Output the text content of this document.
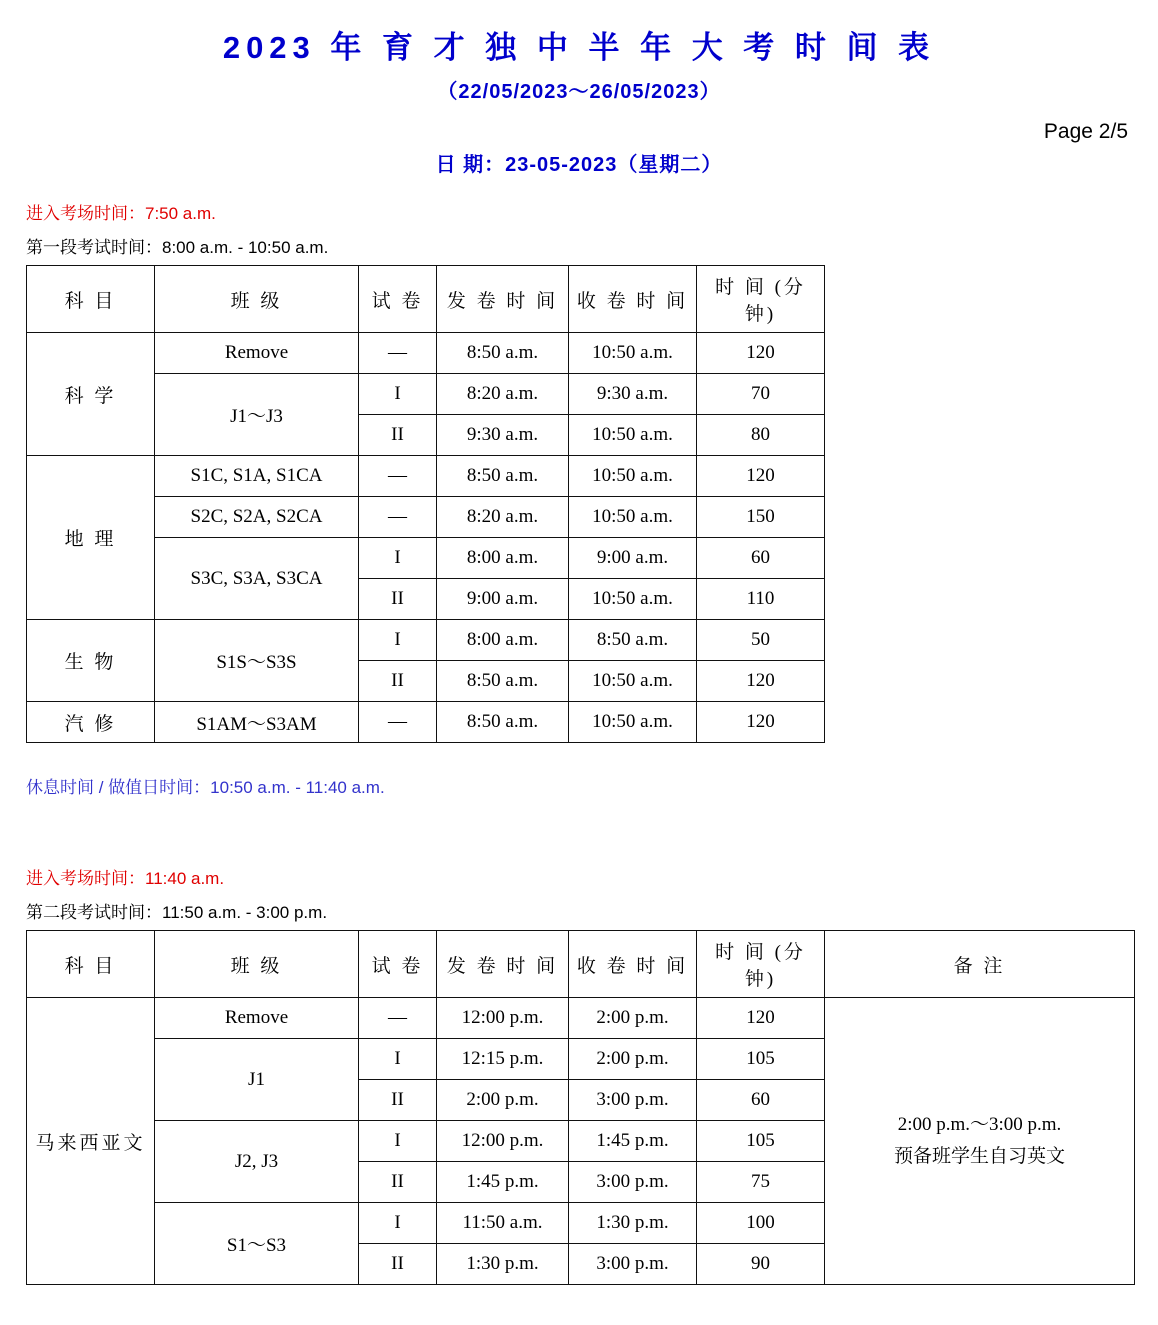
2023 年 育 才 独 中 半 年 大 考 时 间 表
（22/05/2023～26/05/2023）
Page 2/5
日 期：23-05-2023（星期二）
进入考场时间：7:50 a.m.
第一段考试时间：8:00 a.m. - 10:50 a.m.
科 目	班 级	试 卷	发 卷 时 间	收 卷 时 间	时 间 (分钟)
科 学	Remove	—	8:50 a.m.	10:50 a.m.	120
	J1～J3	I	8:20 a.m.	9:30 a.m.	70
		II	9:30 a.m.	10:50 a.m.	80
地 理	S1C, S1A, S1CA	—	8:50 a.m.	10:50 a.m.	120
	S2C, S2A, S2CA	—	8:20 a.m.	10:50 a.m.	150
	S3C, S3A, S3CA	I	8:00 a.m.	9:00 a.m.	60
		II	9:00 a.m.	10:50 a.m.	110
生 物	S1S～S3S	I	8:00 a.m.	8:50 a.m.	50
		II	8:50 a.m.	10:50 a.m.	120
汽 修	S1AM～S3AM	—	8:50 a.m.	10:50 a.m.	120
休息时间 / 做值日时间：10:50 a.m. - 11:40 a.m.
进入考场时间：11:40 a.m.
第二段考试时间：11:50 a.m. - 3:00 p.m.
科 目	班 级	试 卷	发 卷 时 间	收 卷 时 间	时 间 (分钟)	备 注
马来西亚文	Remove	—	12:00 p.m.	2:00 p.m.	120	2:00 p.m.～3:00 p.m.
预备班学生自习英文

	J1	I	12:15 p.m.	2:00 p.m.	105	
		II	2:00 p.m.	3:00 p.m.	60	
	J2, J3	I	12:00 p.m.	1:45 p.m.	105	
		II	1:45 p.m.	3:00 p.m.	75	
	S1～S3	I	11:50 a.m.	1:30 p.m.	100	
		II	1:30 p.m.	3:00 p.m.	90	
